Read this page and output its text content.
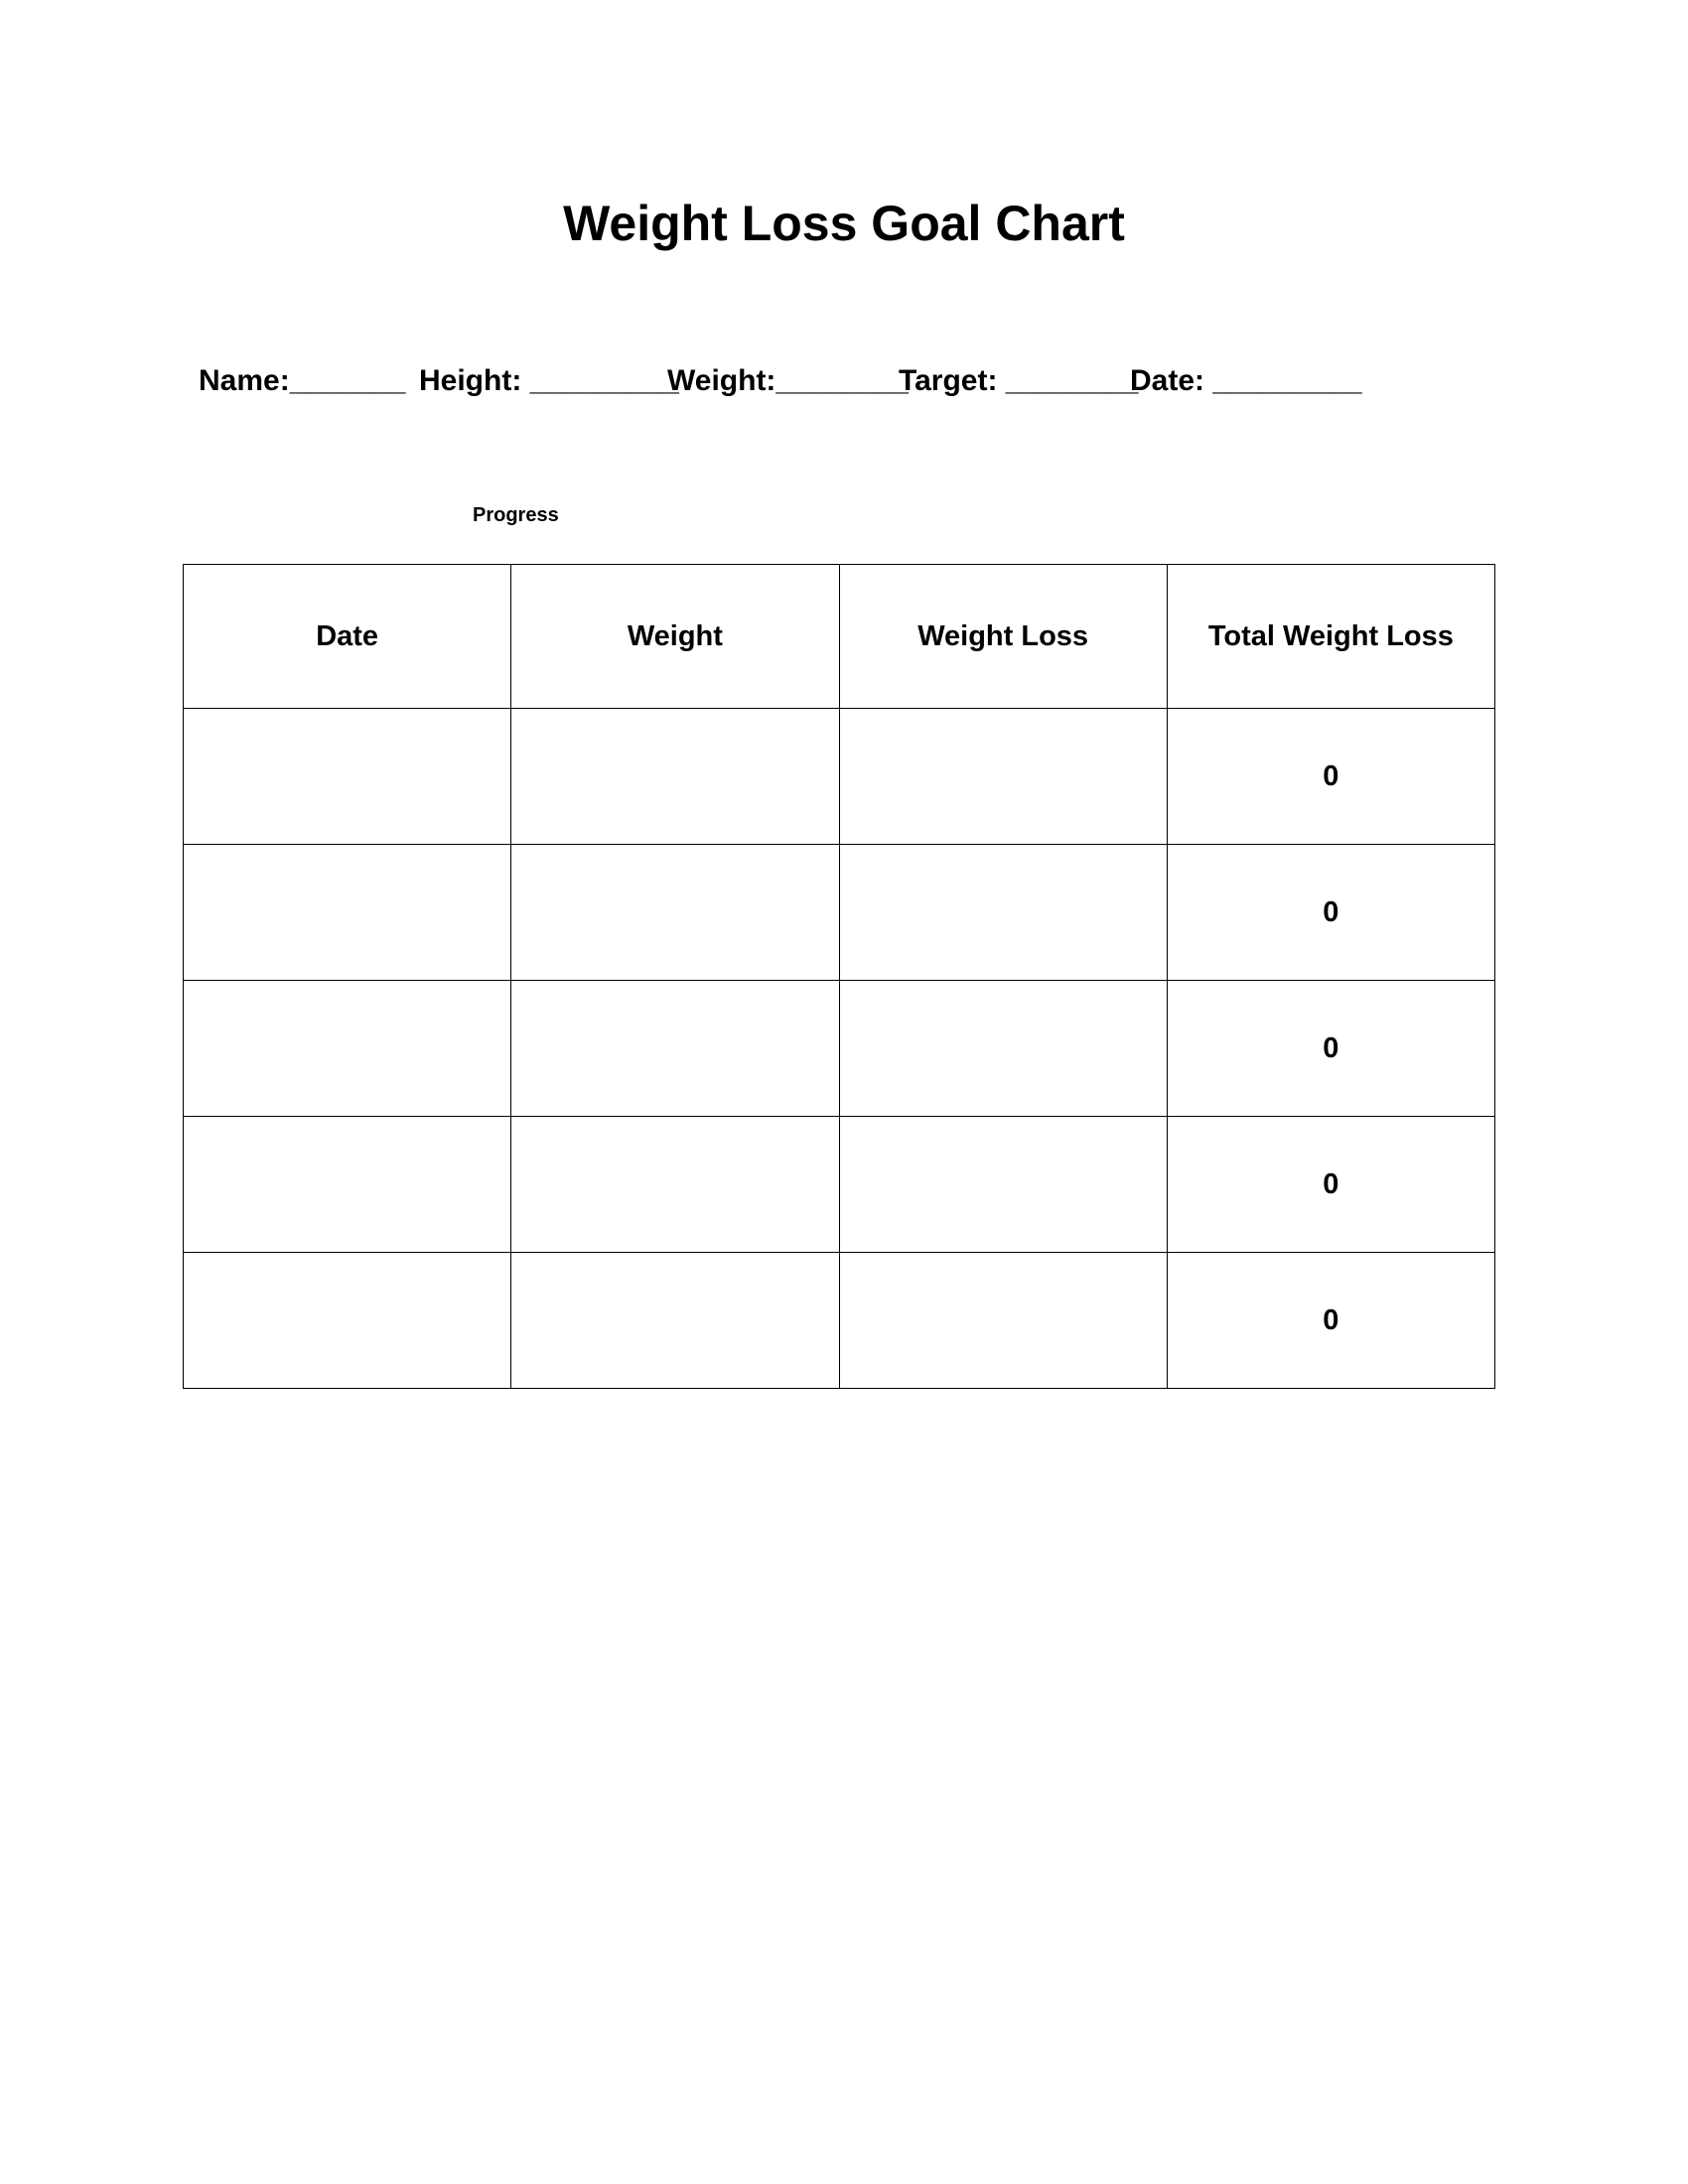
Weight Loss Goal Chart
Name:_______ Height: _________
Weight:________
Target: ________
Date: _________
Progress
Date	Weight	Weight Loss	Total Weight Loss
			0
			0
			0
			0
			0
